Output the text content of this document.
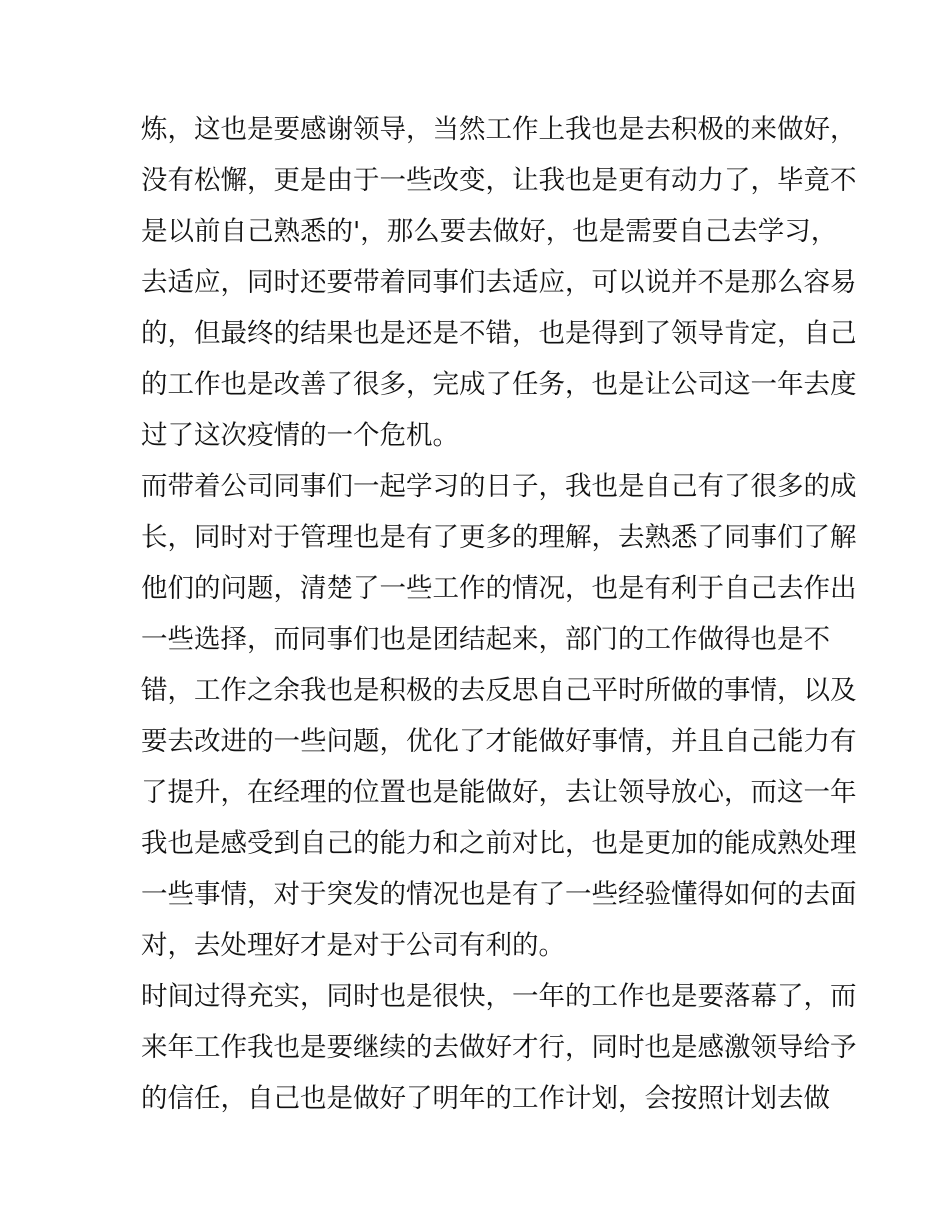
炼，这也是要感谢领导，当然工作上我也是去积极的来做好，
没有松懈，更是由于一些改变，让我也是更有动力了，毕竟不
是以前自己熟悉的'，那么要去做好，也是需要自己去学习，
去适应，同时还要带着同事们去适应，可以说并不是那么容易
的，但最终的结果也是还是不错，也是得到了领导肯定，自己
的工作也是改善了很多，完成了任务，也是让公司这一年去度
过了这次疫情的一个危机。
而带着公司同事们一起学习的日子，我也是自己有了很多的成
长，同时对于管理也是有了更多的理解，去熟悉了同事们了解
他们的问题，清楚了一些工作的情况，也是有利于自己去作出
一些选择，而同事们也是团结起来，部门的工作做得也是不
错，工作之余我也是积极的去反思自己平时所做的事情，以及
要去改进的一些问题，优化了才能做好事情，并且自己能力有
了提升，在经理的位置也是能做好，去让领导放心，而这一年
我也是感受到自己的能力和之前对比，也是更加的能成熟处理
一些事情，对于突发的情况也是有了一些经验懂得如何的去面
对，去处理好才是对于公司有利的。
时间过得充实，同时也是很快，一年的工作也是要落幕了，而
来年工作我也是要继续的去做好才行，同时也是感激领导给予
的信任，自己也是做好了明年的工作计划，会按照计划去做
